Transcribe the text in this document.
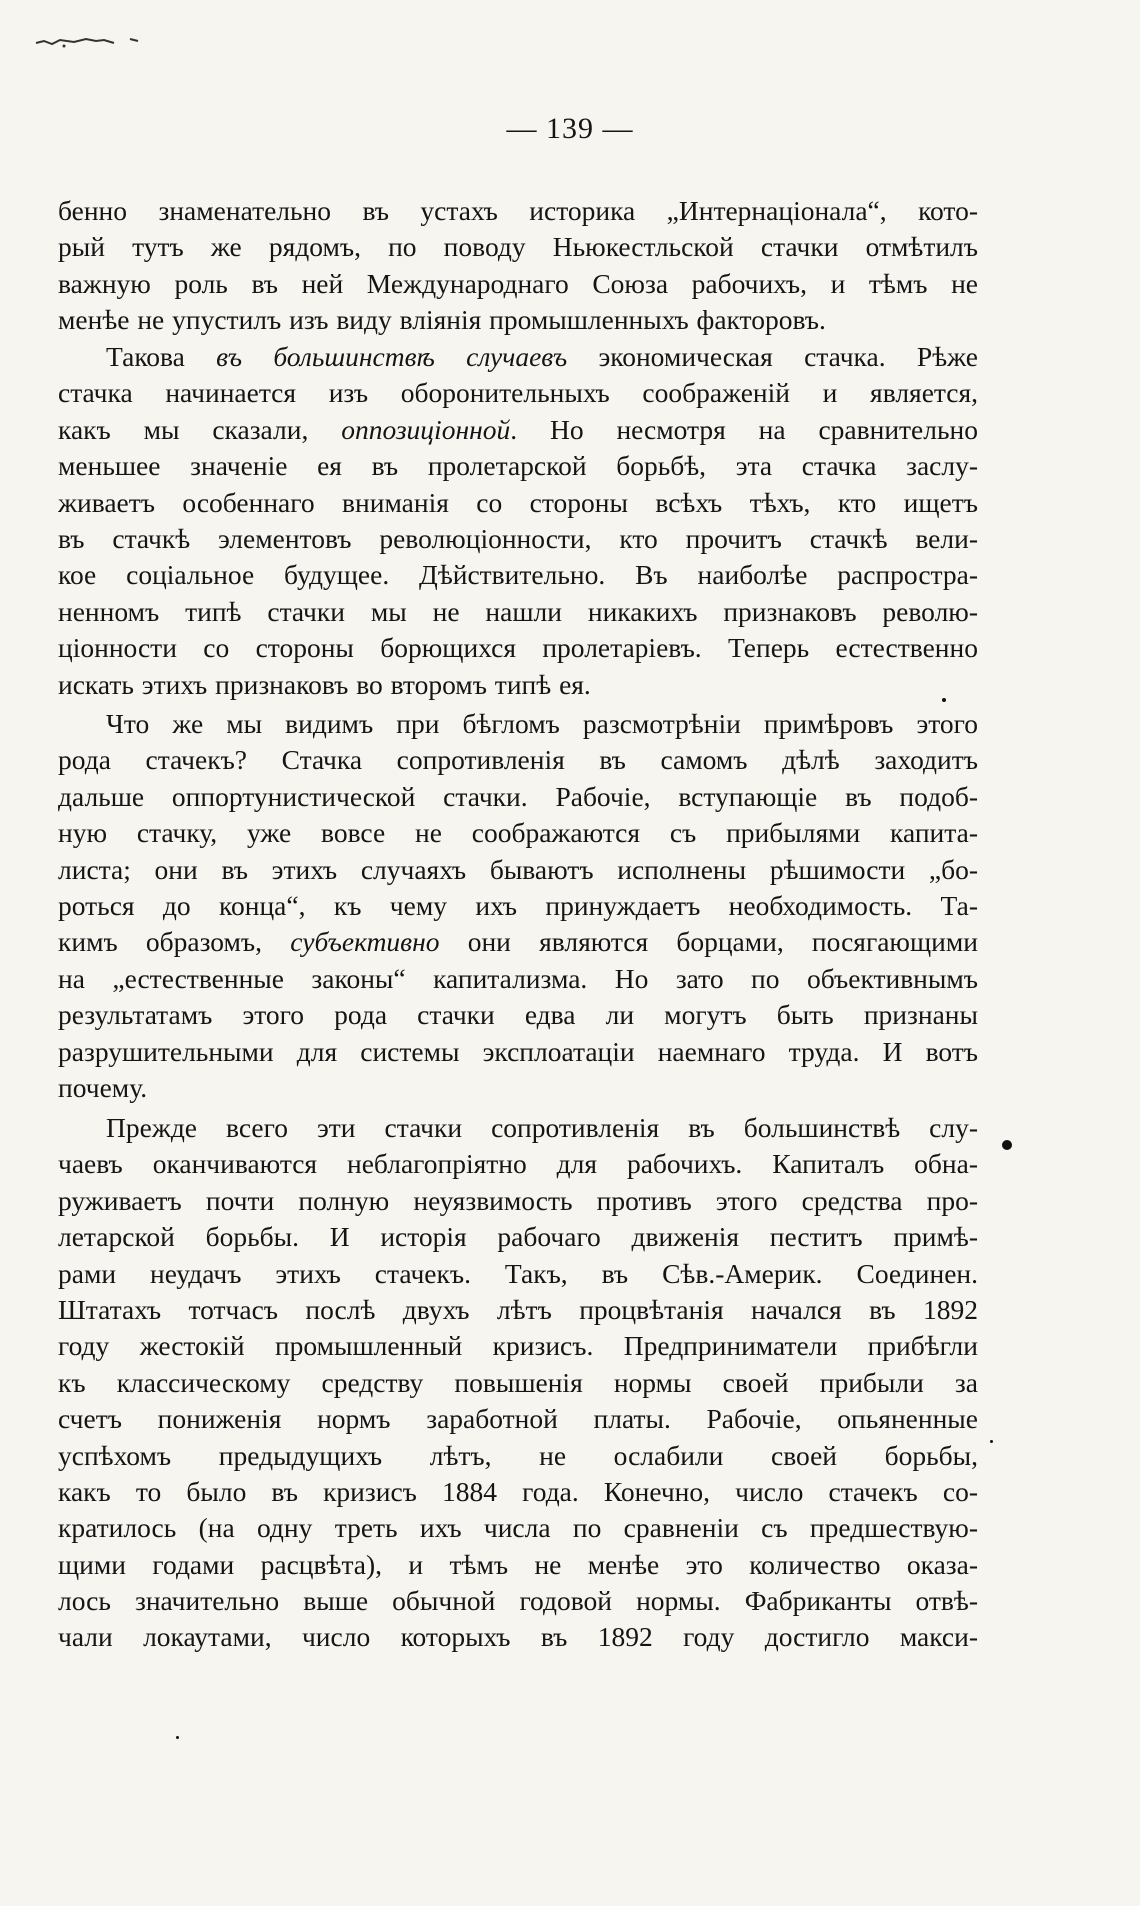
— 139 —
бенно знаменательно въ устахъ историка „Интернаціонала“, кото-
рый тутъ же рядомъ, по поводу Ньюкестльской стачки отмѣтилъ
важную роль въ ней Международнаго Союза рабочихъ, и тѣмъ не
менѣе не упустилъ изъ виду вліянія промышленныхъ факторовъ.
Такова въ большинствѣ случаевъ экономическая стачка. Рѣже
стачка начинается изъ оборонительныхъ соображеній и является,
какъ мы сказали, оппозиціонной. Но несмотря на сравнительно
меньшее значеніе ея въ пролетарской борьбѣ, эта стачка заслу-
живаетъ особеннаго вниманія со стороны всѣхъ тѣхъ, кто ищетъ
въ стачкѣ элементовъ революціонности, кто прочитъ стачкѣ вели-
кое соціальное будущее. Дѣйствительно. Въ наиболѣе распростра-
ненномъ типѣ стачки мы не нашли никакихъ признаковъ револю-
ціонности со стороны борющихся пролетаріевъ. Теперь естественно
искать этихъ признаковъ во второмъ типѣ ея.
Что же мы видимъ при бѣгломъ разсмотрѣніи примѣровъ этого
рода стачекъ? Стачка сопротивленія въ самомъ дѣлѣ заходитъ
дальше оппортунистической стачки. Рабочіе, вступающіе въ подоб-
ную стачку, уже вовсе не соображаются съ прибылями капита-
листа; они въ этихъ случаяхъ бываютъ исполнены рѣшимости „бо-
роться до конца“, къ чему ихъ принуждаетъ необходимость. Та-
кимъ образомъ, субъективно они являются борцами, посягающими
на „естественные законы“ капитализма. Но зато по объективнымъ
результатамъ этого рода стачки едва ли могутъ быть признаны
разрушительными для системы эксплоатаціи наемнаго труда. И вотъ
почему.
Прежде всего эти стачки сопротивленія въ большинствѣ слу-
чаевъ оканчиваются неблагопріятно для рабочихъ. Капиталъ обна-
руживаетъ почти полную неуязвимость противъ этого средства про-
летарской борьбы. И исторія рабочаго движенія пеститъ примѣ-
рами неудачъ этихъ стачекъ. Такъ, въ Сѣв.-Америк. Соединен.
Штатахъ тотчасъ послѣ двухъ лѣтъ процвѣтанія начался въ 1892
году жестокій промышленный кризисъ. Предприниматели прибѣгли
къ классическому средству повышенія нормы своей прибыли за
счетъ пониженія нормъ заработной платы. Рабочіе, опьяненные
успѣхомъ предыдущихъ лѣтъ, не ослабили своей борьбы,
какъ то было въ кризисъ 1884 года. Конечно, число стачекъ со-
кратилось (на одну треть ихъ числа по сравненіи съ предшествую-
щими годами расцвѣта), и тѣмъ не менѣе это количество оказа-
лось значительно выше обычной годовой нормы. Фабриканты отвѣ-
чали локаутами, число которыхъ въ 1892 году достигло макси-
